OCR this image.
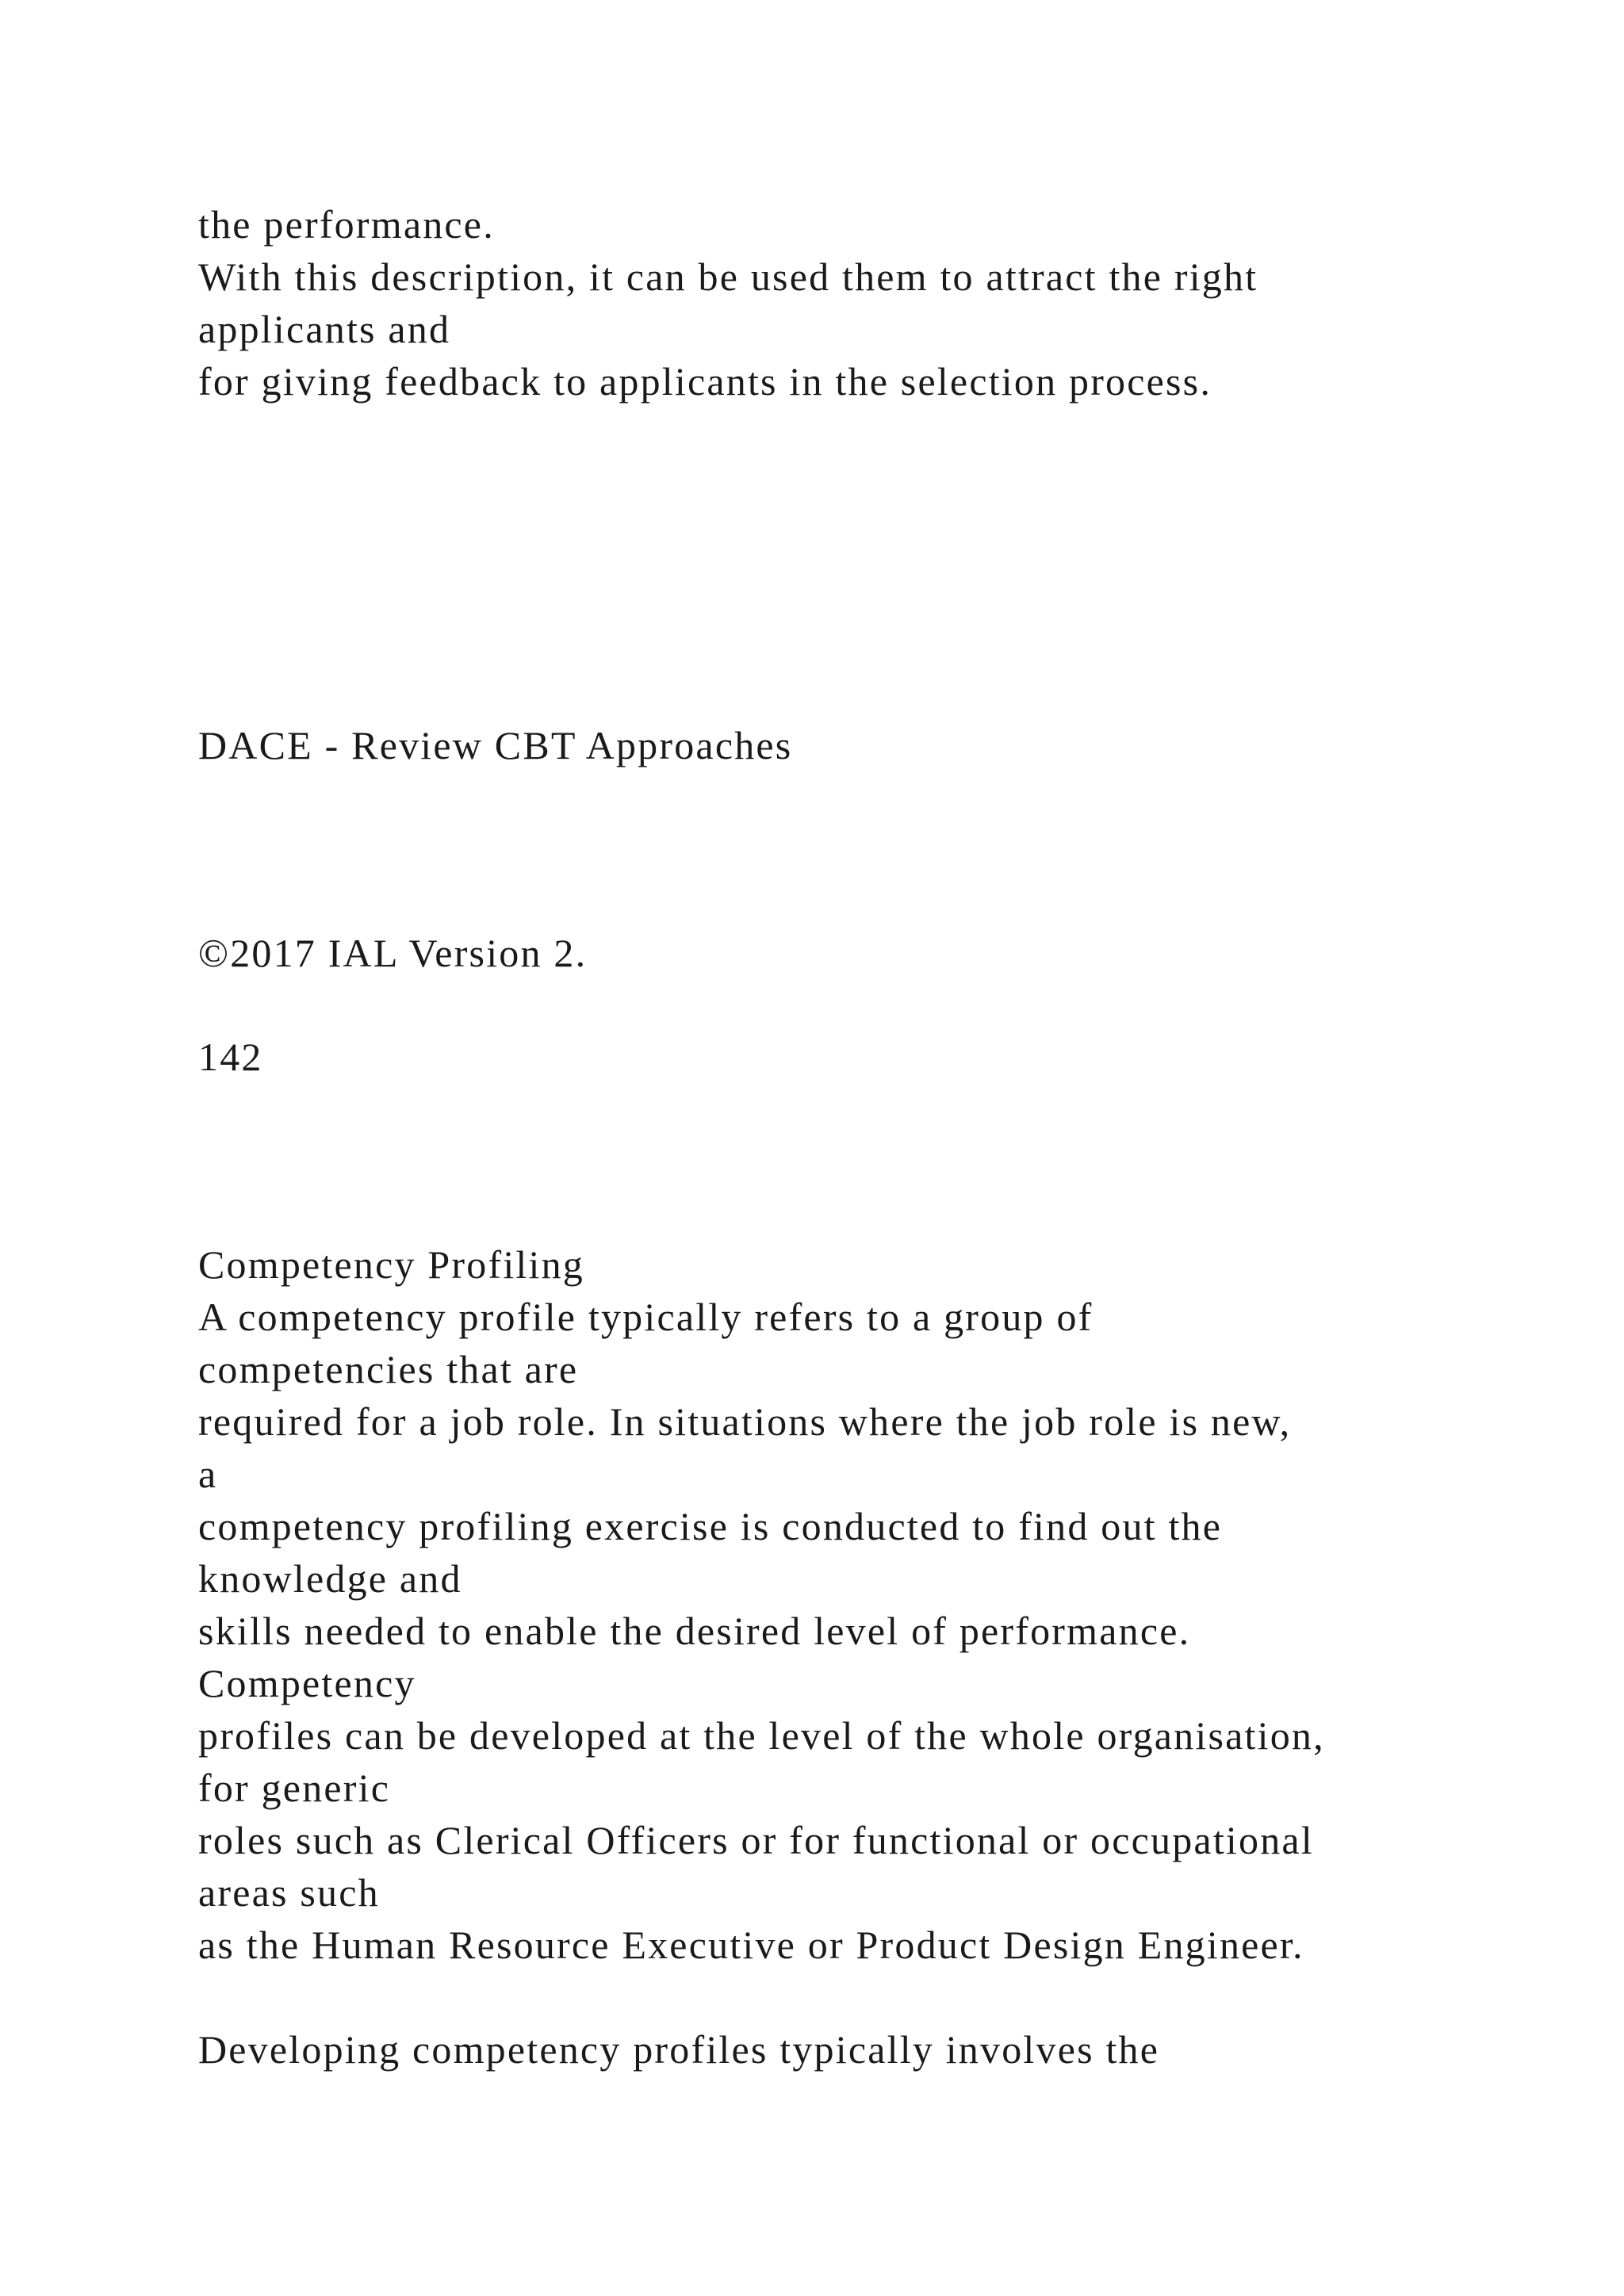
the performance.

With this description, it can be used them to attract the right

applicants and

for giving feedback to applicants in the selection process.

DACE - Review CBT Approaches

©2017 IAL Version 2.

142

Competency Profiling

A competency profile typically refers to a group of

competencies that are

required for a job role. In situations where the job role is new,

a

competency profiling exercise is conducted to find out the

knowledge and

skills needed to enable the desired level of performance.

Competency

profiles can be developed at the level of the whole organisation,

for generic

roles such as Clerical Officers or for functional or occupational

areas such

as the Human Resource Executive or Product Design Engineer.

Developing competency profiles typically involves the
